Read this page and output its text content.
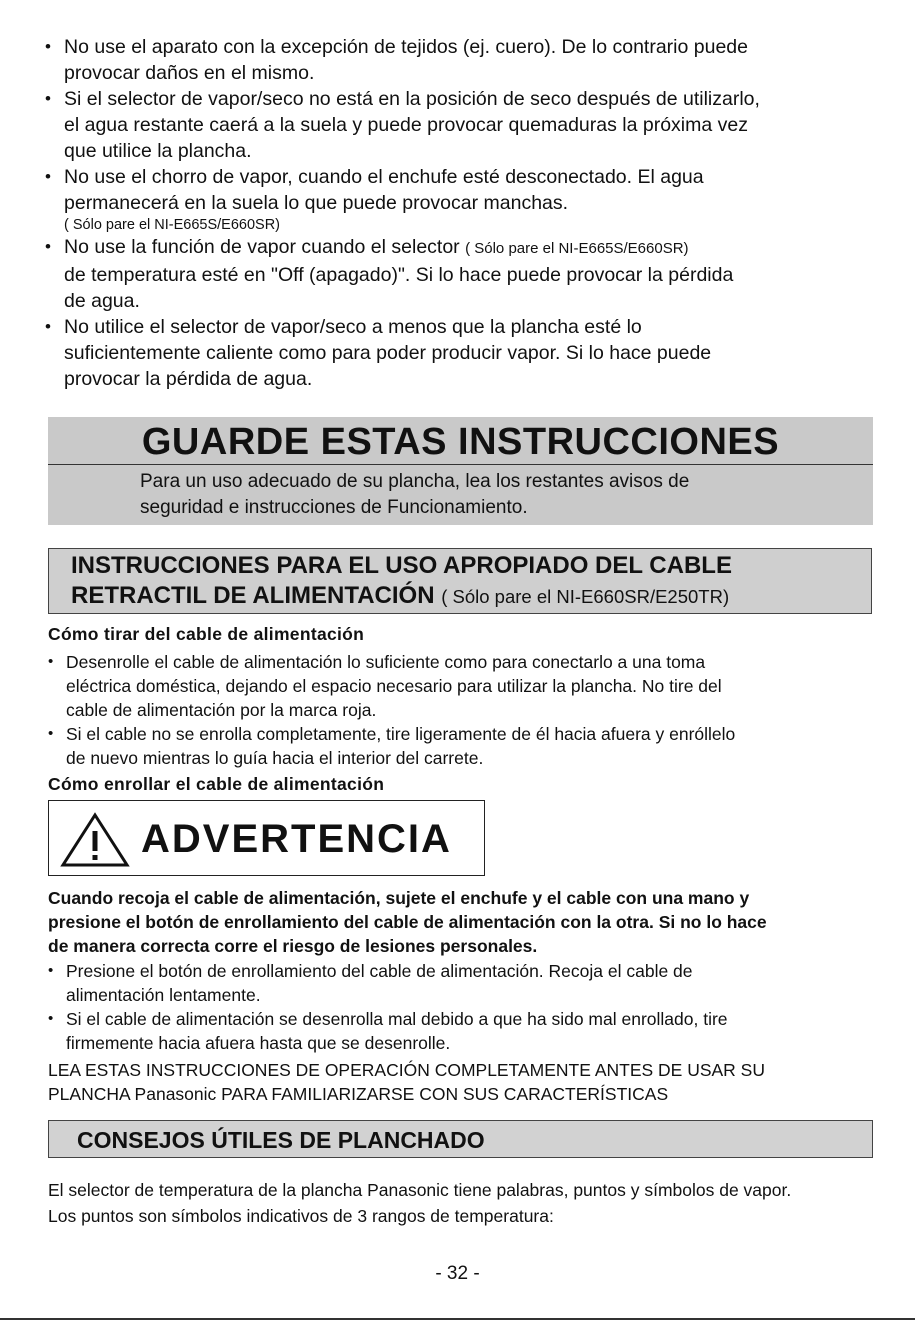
• No use el aparato con la excepción de tejidos (ej. cuero). De lo contrario puede
provocar daños en el mismo.
• Si el selector de vapor/seco no está en la posición de seco después de utilizarlo,
el agua restante caerá a la suela y puede provocar quemaduras la próxima vez
que utilice la plancha.
• No use el chorro de vapor, cuando el enchufe esté desconectado. El agua
permanecerá en la suela lo que puede provocar manchas.
( Sólo pare el NI-E665S/E660SR)
• No use la función de vapor cuando el selector ( Sólo pare el NI-E665S/E660SR)
de temperatura esté en "Off (apagado)". Si lo hace puede provocar la pérdida
de agua.
• No utilice el selector de vapor/seco a menos que la plancha esté lo
suficientemente caliente como para poder producir vapor. Si lo hace puede
provocar la pérdida de agua.
GUARDE ESTAS INSTRUCCIONES
Para un uso adecuado de su plancha, lea los restantes avisos de
seguridad e instrucciones de Funcionamiento.
INSTRUCCIONES PARA EL USO APROPIADO DEL CABLE
RETRACTIL DE ALIMENTACIÓN ( Sólo pare el NI-E660SR/E250TR)
Cómo tirar del cable de alimentación
• Desenrolle el cable de alimentación lo suficiente como para conectarlo a una toma
eléctrica doméstica, dejando el espacio necesario para utilizar la plancha. No tire del
cable de alimentación por la marca roja.
• Si el cable no se enrolla completamente, tire ligeramente de él hacia afuera y enróllelo
de nuevo mientras lo guía hacia el interior del carrete.
Cómo enrollar el cable de alimentación
ADVERTENCIA
Cuando recoja el cable de alimentación, sujete el enchufe y el cable con una mano y
presione el botón de enrollamiento del cable de alimentación con la otra. Si no lo hace
de manera correcta corre el riesgo de lesiones personales.
• Presione el botón de enrollamiento del cable de alimentación. Recoja el cable de
alimentación lentamente.
• Si el cable de alimentación se desenrolla mal debido a que ha sido mal enrollado, tire
firmemente hacia afuera hasta que se desenrolle.
LEA ESTAS INSTRUCCIONES DE OPERACIÓN COMPLETAMENTE ANTES DE USAR SU
PLANCHA Panasonic PARA FAMILIARIZARSE CON SUS CARACTERÍSTICAS
CONSEJOS ÚTILES DE PLANCHADO
El selector de temperatura de la plancha Panasonic tiene palabras, puntos y símbolos de vapor.
Los puntos son símbolos indicativos de 3 rangos de temperatura:
- 32 -
